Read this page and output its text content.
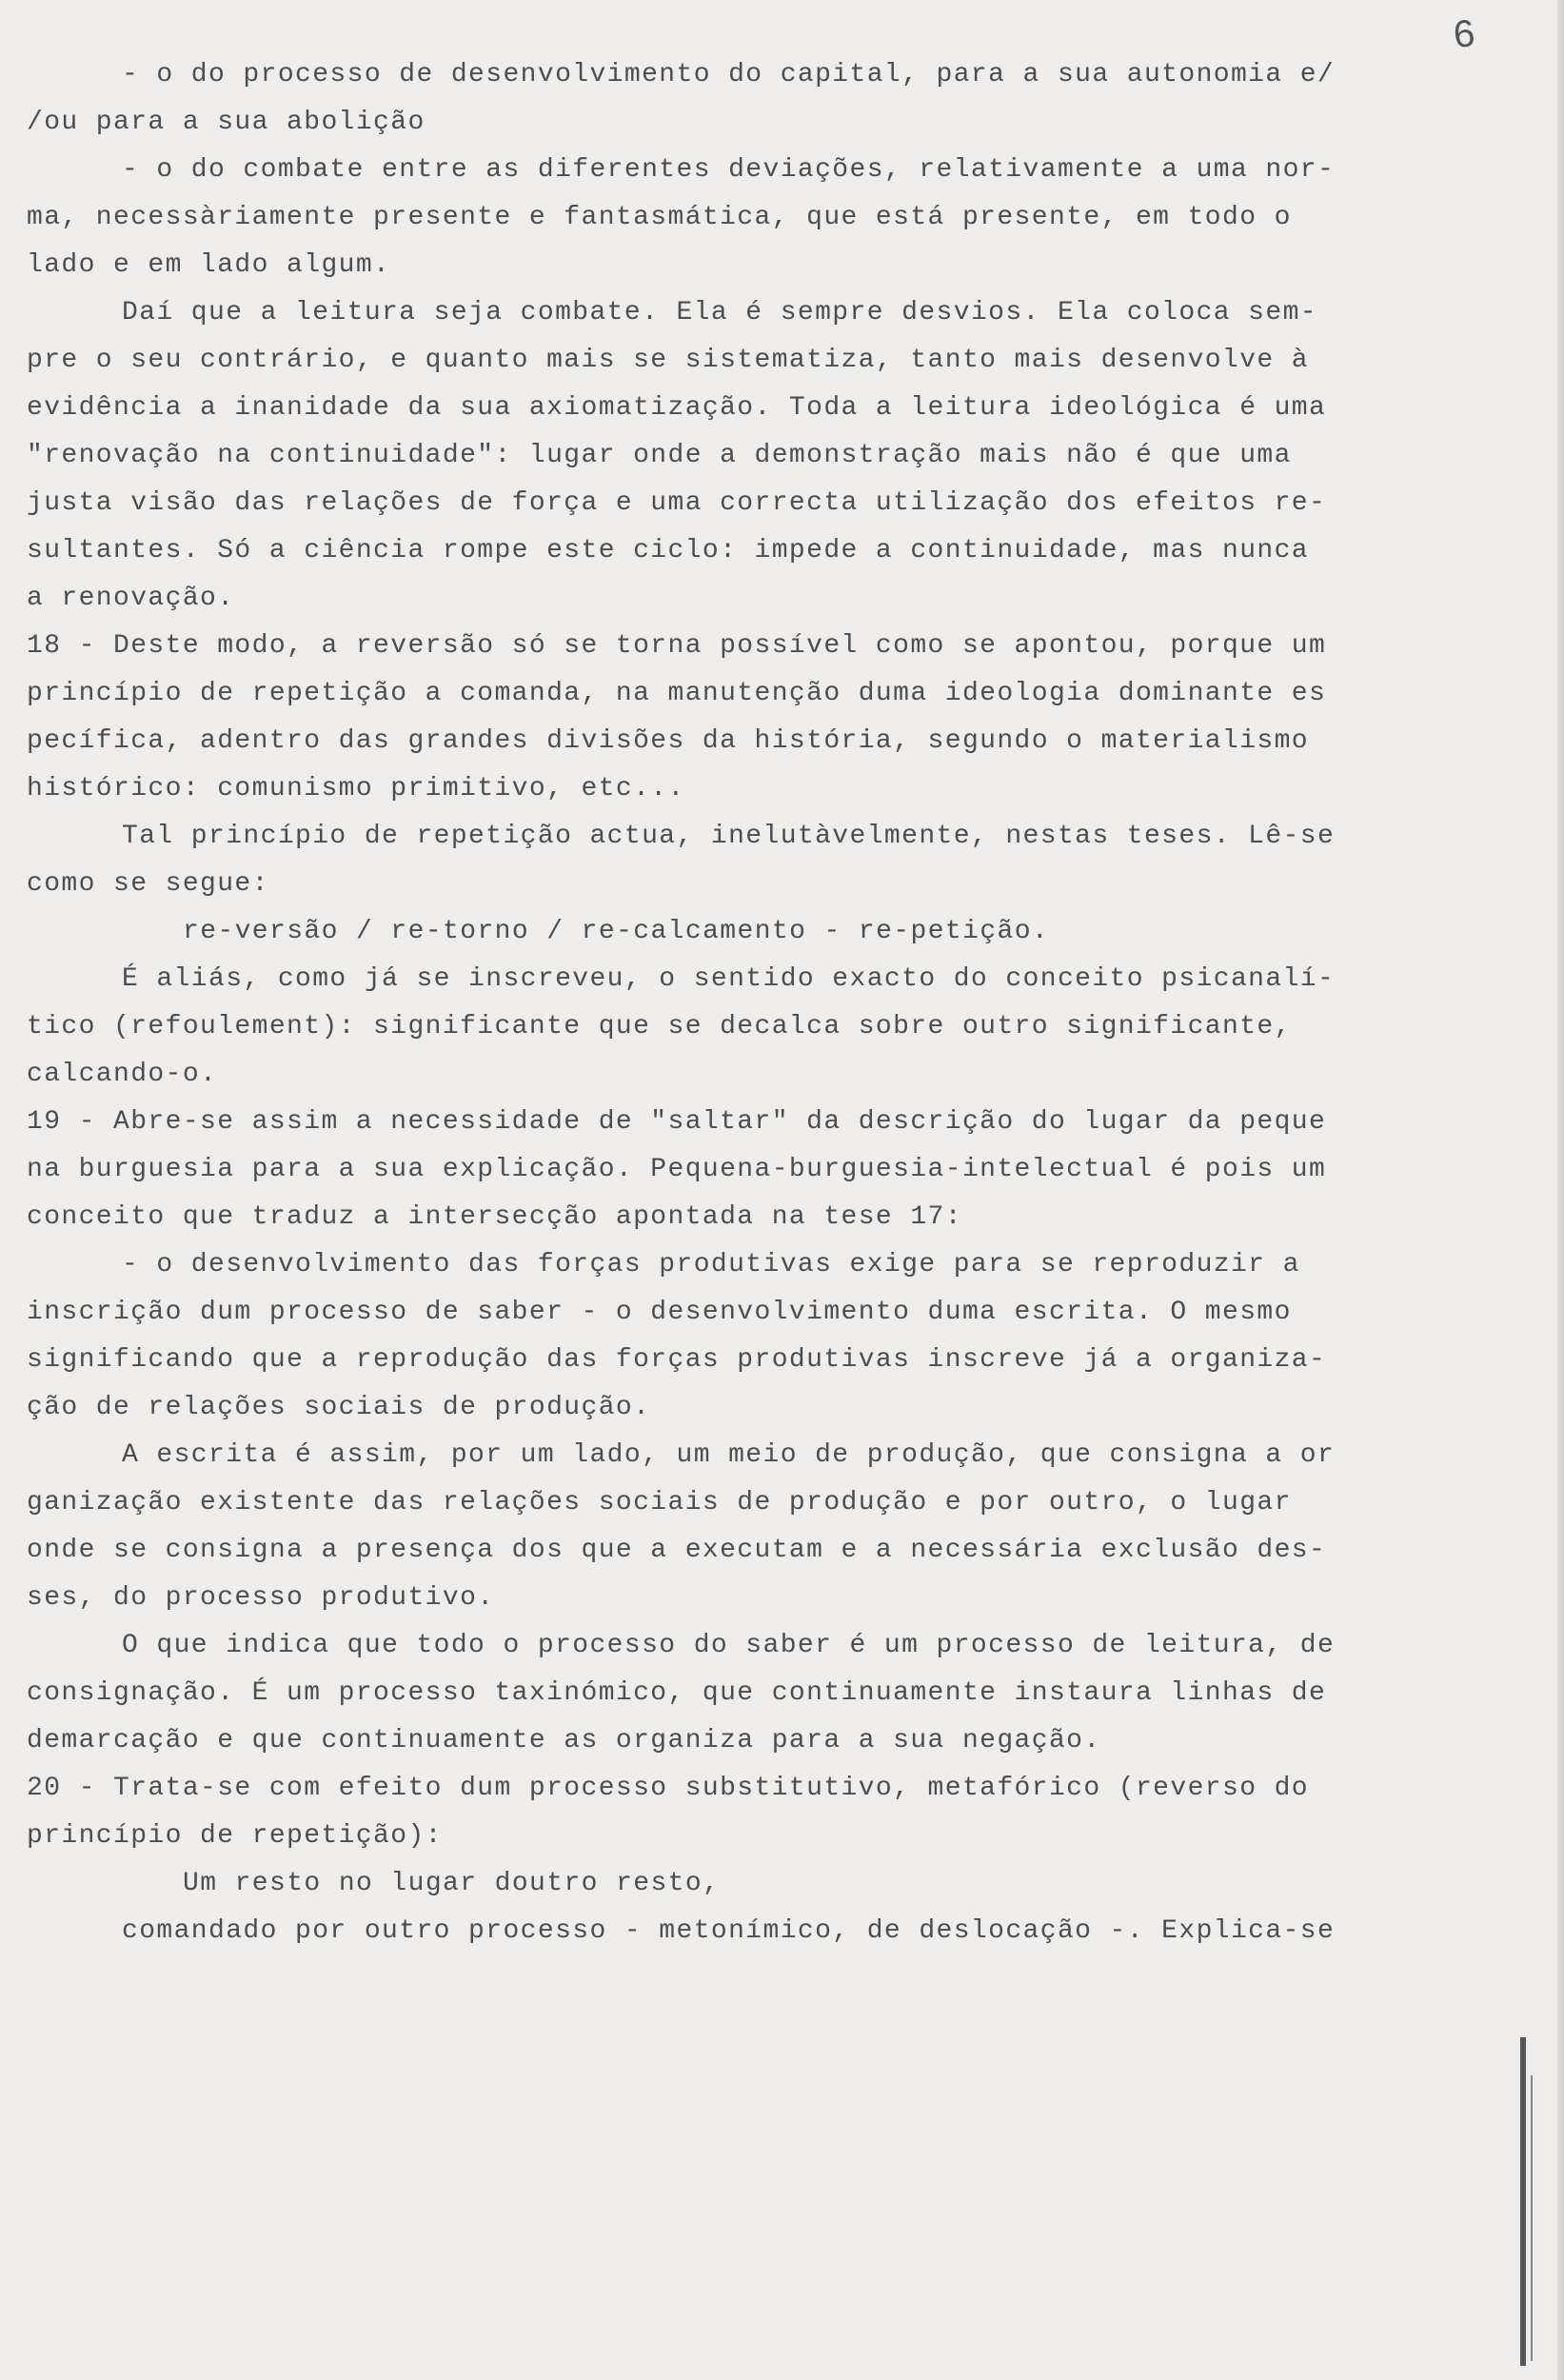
6
- o do processo de desenvolvimento do capital, para a sua autonomia e/
/ou para a sua abolição
- o do combate entre as diferentes deviações, relativamente a uma nor-
ma, necessàriamente presente e fantasmática, que está presente, em todo o
lado e em lado algum.
Daí que a leitura seja combate. Ela é sempre desvios. Ela coloca sem-
pre o seu contrário, e quanto mais se sistematiza, tanto mais desenvolve à
evidência a inanidade da sua axiomatização. Toda a leitura ideológica é uma
"renovação na continuidade": lugar onde a demonstração mais não é que uma
justa visão das relações de força e uma correcta utilização dos efeitos re-
sultantes. Só a ciência rompe este ciclo: impede a continuidade, mas nunca
a renovação.
18 - Deste modo, a reversão só se torna possível como se apontou, porque um
princípio de repetição a comanda, na manutenção duma ideologia dominante es
pecífica, adentro das grandes divisões da história, segundo o materialismo
histórico: comunismo primitivo, etc...
Tal princípio de repetição actua, inelutàvelmente, nestas teses. Lê-se
como se segue:
re-versão / re-torno / re-calcamento - re-petição.
É aliás, como já se inscreveu, o sentido exacto do conceito psicanalí-
tico (refoulement): significante que se decalca sobre outro significante,
calcando-o.
19 - Abre-se assim a necessidade de "saltar" da descrição do lugar da peque
na burguesia para a sua explicação. Pequena-burguesia-intelectual é pois um
conceito que traduz a intersecção apontada na tese 17:
- o desenvolvimento das forças produtivas exige para se reproduzir a
inscrição dum processo de saber - o desenvolvimento duma escrita. O mesmo
significando que a reprodução das forças produtivas inscreve já a organiza-
ção de relações sociais de produção.
A escrita é assim, por um lado, um meio de produção, que consigna a or
ganização existente das relações sociais de produção e por outro, o lugar
onde se consigna a presença dos que a executam e a necessária exclusão des-
ses, do processo produtivo.
O que indica que todo o processo do saber é um processo de leitura, de
consignação. É um processo taxinómico, que continuamente instaura linhas de
demarcação e que continuamente as organiza para a sua negação.
20 - Trata-se com efeito dum processo substitutivo, metafórico (reverso do
princípio de repetição):
Um resto no lugar doutro resto,
comandado por outro processo - metonímico, de deslocação -. Explica-se
